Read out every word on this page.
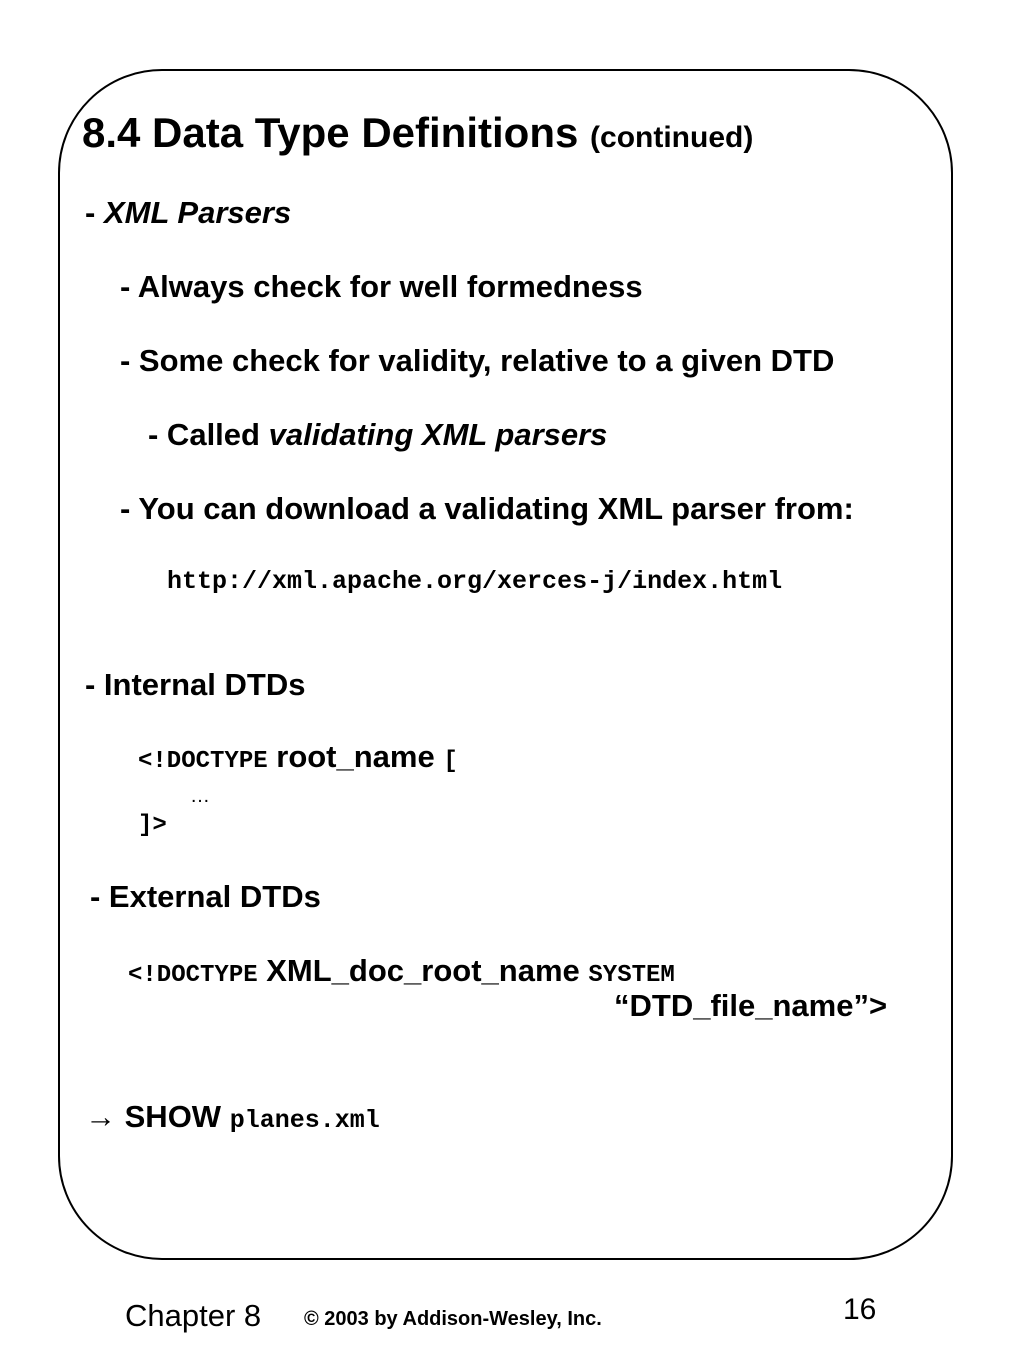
8.4 Data Type Definitions (continued)
- XML Parsers
- Always check for well formedness
- Some check for validity, relative to a given DTD
- Called validating XML parsers
- You can download a validating XML parser from:
http://xml.apache.org/xerces-j/index.html
- Internal DTDs
<!DOCTYPE root_name [
…
]>
- External DTDs
<!DOCTYPE XML_doc_root_name SYSTEM
“DTD_file_name”>
→ SHOW planes.xml
Chapter 8 © 2003 by Addison-Wesley, Inc.	16
